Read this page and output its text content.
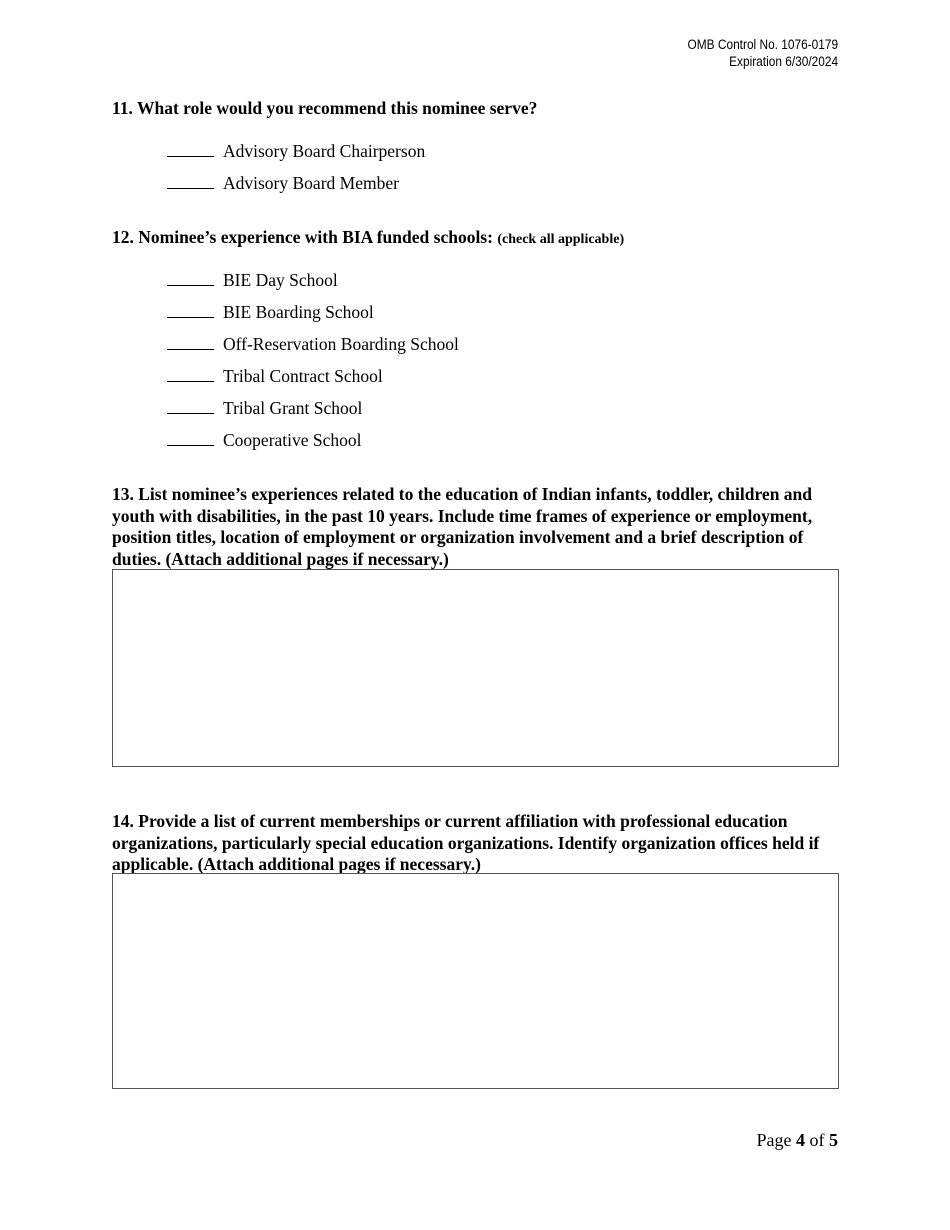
OMB Control No. 1076-0179
Expiration 6/30/2024
11. What role would you recommend this nominee serve?
Advisory Board Chairperson
Advisory Board Member
12. Nominee’s experience with BIA funded schools: (check all applicable)
BIE Day School
BIE Boarding School
Off-Reservation Boarding School
Tribal Contract School
Tribal Grant School
Cooperative School
13. List nominee’s experiences related to the education of Indian infants, toddler, children and youth with disabilities, in the past 10 years. Include time frames of experience or employment, position titles, location of employment or organization involvement and a brief description of duties. (Attach additional pages if necessary.)
14. Provide a list of current memberships or current affiliation with professional education organizations, particularly special education organizations. Identify organization offices held if applicable. (Attach additional pages if necessary.)
Page 4 of 5
